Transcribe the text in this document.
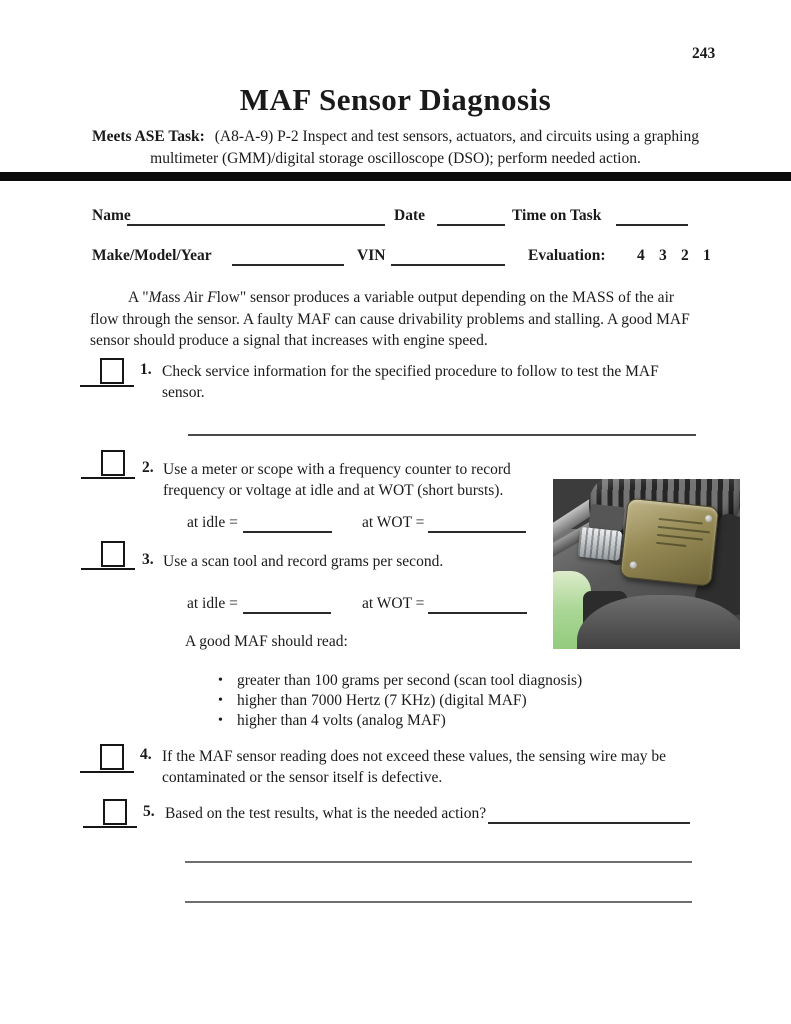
243
MAF Sensor Diagnosis
Meets ASE Task: (A8-A-9) P-2 Inspect and test sensors, actuators, and circuits using a graphing
multimeter (GMM)/digital storage oscilloscope (DSO); perform needed action.
Name	Date	Time on Task
Make/Model/Year	VIN	Evaluation: 4 3 2 1
A "Mass Air Flow" sensor produces a variable output depending on the MASS of the air
flow through the sensor. A faulty MAF can cause drivability problems and stalling. A good MAF
sensor should produce a signal that increases with engine speed.
1. Check service information for the specified procedure to follow to test the MAF
sensor.
2. Use a meter or scope with a frequency counter to record
frequency or voltage at idle and at WOT (short bursts).
at idle =	at WOT =
3. Use a scan tool and record grams per second.
at idle =	at WOT =
A good MAF should read:
• greater than 100 grams per second (scan tool diagnosis)
• higher than 7000 Hertz (7 KHz) (digital MAF)
• higher than 4 volts (analog MAF)
4. If the MAF sensor reading does not exceed these values, the sensing wire may be
contaminated or the sensor itself is defective.
5. Based on the test results, what is the needed action?
